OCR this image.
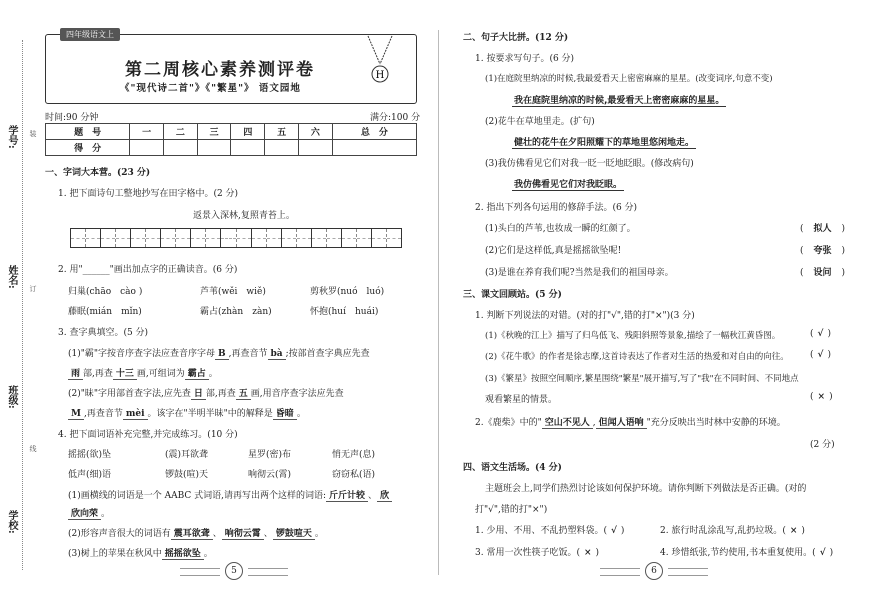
学校:
班级:
姓名:
学号: 装
订
线
四年级语文上
第二周核心素养测评卷
《"现代诗二首"》《"繁星"》 语文园地
H
时间:90 分钟	满分:100 分
题　号	一	二	三	四	五	六	总　分
得　分							
一、字词大本营。(23 分)
1. 把下面诗句工整地抄写在田字格中。(2 分)
返景入深林,复照青苔上。
2. 用"______"画出加点字的正确读音。(6 分)
归巢(chāo　cào )	芦苇(wěi　wiě)	剪秋罗(nuó　luó)
藤眠(mián　mǐn)	霸占(zhàn　zàn)	怀抱(huí　huái)
3. 查字典填空。(5 分)
(1)"霸"字按音序查字法应查音序字母 B ,再查音节 bà ;按部首查字典应先查
雨 部,再查 十三 画,可组词为 霸占 。
(2)"昧"字用部首查字法,应先查 日 部,再查 五 画,用音序查字法应先查
M ,再查音节 mèi 。该字在"半明半昧"中的解释是 昏暗 。
4. 把下面词语补充完整,并完成练习。(10 分)
摇摇(欲)坠	(震)耳欲聋	星罗(密)布	悄无声(息)
低声(细)语	锣鼓(喧)天	响彻云(霄)	窃窃私(语)
(1)画横线的词语是一个 AABC 式词语,请再写出两个这样的词语: 斤斤计较 、 欣
欣向荣 。
(2)形容声音很大的词语有 震耳欲聋 、 响彻云霄 、 锣鼓喧天 。
(3)树上的苹果在秋风中 摇摇欲坠 。
5
二、句子大比拼。(12 分)
1. 按要求写句子。(6 分)
(1)在庭院里纳凉的时候,我最爱看天上密密麻麻的星星。(改变词序,句意不变)
我在庭院里纳凉的时候,最爱看天上密密麻麻的星星。
(2)花牛在草地里走。(扩句)
健壮的花牛在夕阳照耀下的草地里悠闲地走。
(3)我仿佛看见它们对我一眨一眨地眨眼。(修改病句)
我仿佛看见它们对我眨眼。
2. 指出下列各句运用的修辞手法。(6 分)
(1)头白的芦苇,也妆成一瞬的红颜了。	( 拟人 )
(2)它们是这样低,真是摇摇欲坠呢!	( 夸张 )
(3)是谁在养育我们呢?当然是我们的祖国母亲。	( 设问 )
三、课文回顾站。(5 分)
1. 判断下列说法的对错。(对的打"√",错的打"×")(3 分)
(1)《秋晚的江上》描写了归鸟低飞、残阳斜照等景象,描绘了一幅秋江黄昏图。	( √ )
(2)《花牛歌》的作者是徐志摩,这首诗表达了作者对生活的热爱和对自由的向往。 ( √ )
(3)《繁星》按照空间顺序,繁星围绕"繁星"展开描写,写了"我"在不同时间、不同地点
观看繁星的情景。	( × )
2.《鹿柴》中的" 空山不见人 , 但闻人语响 "充分反映出当时林中安静的环境。
(2 分)
四、语文生活场。(4 分)
主题班会上,同学们热烈讨论该如何保护环境。请你判断下列做法是否正确。(对的
打"√",错的打"×")
1. 少用、不用、不乱扔塑料袋。( √ )	2. 旅行时乱涂乱写,乱扔垃圾。( × )
3. 常用一次性筷子吃饭。( × )	4. 珍惜纸张,节约使用,书本重复使用。( √ )
6
